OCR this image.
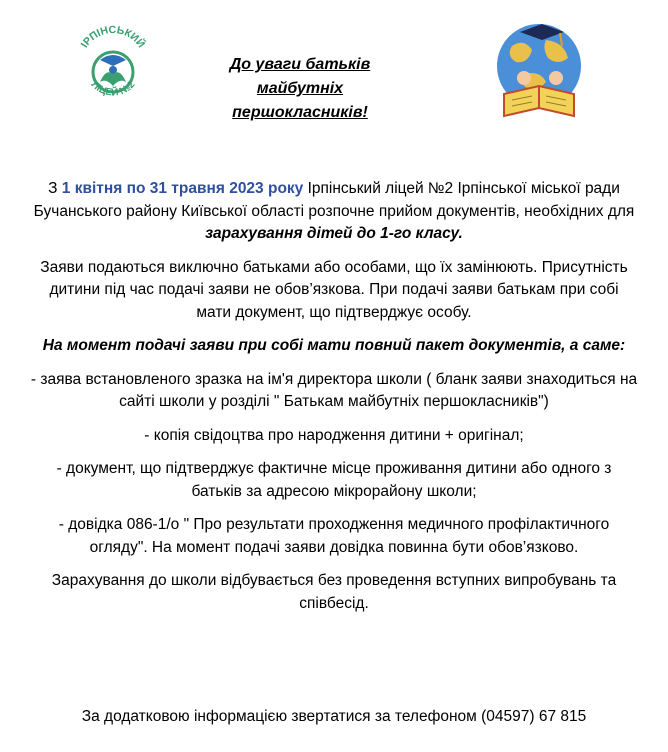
ІРПІНСЬКИЙ
ЛІЦЕЙ №2
До уваги батьків
майбутніх
першокласників!

З 1 квітня по 31 травня 2023 року Ірпінський ліцей №2 Ірпінської міської ради Бучанського району Київської області розпочне прийом документів, необхідних для зарахування дітей до 1-го класу.

Заяви подаються виключно батьками або особами, що їх замінюють. Присутність дитини під час подачі заяви не обов’язкова. При подачі заяви батькам при собі мати документ, що підтверджує особу.

На момент подачі заяви при собі мати повний пакет документів, а саме:

- заява встановленого зразка на ім'я директора школи ( бланк заяви знаходиться на сайті школи у розділі " Батькам майбутніх першокласників")

- копія свідоцтва про народження дитини + оригінал;

- документ, що підтверджує фактичне місце проживання дитини або одного з батьків за адресою мікрорайону школи;

- довідка 086-1/о " Про результати проходження медичного профілактичного огляду". На момент подачі заяви довідка повинна бути обов’язково.

Зарахування до школи відбувається без проведення вступних випробувань та співбесід.

За додатковою інформацією звертатися за телефоном (04597) 67 815
